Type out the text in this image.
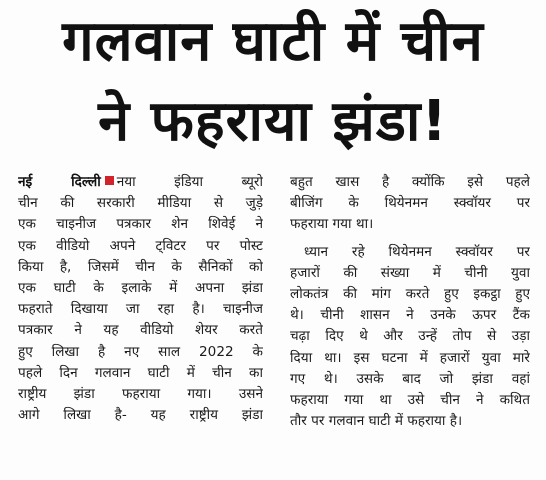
गलवान घाटी में चीन
ने फहराया झंडा!
नई दिल्ली नया इंडिया ब्यूरो
चीन की सरकारी मीडिया से जुड़े
एक चाइनीज पत्रकार शेन शिवेई ने
एक वीडियो अपने ट्विटर पर पोस्ट
किया है, जिसमें चीन के सैनिकों को
एक घाटी के इलाके में अपना झंडा
फहराते दिखाया जा रहा है। चाइनीज
पत्रकार ने यह वीडियो शेयर करते
हुए लिखा है नए साल 2022 के
पहले दिन गलवान घाटी में चीन का
राष्ट्रीय झंडा फहराया गया। उसने
आगे लिखा है- यह राष्ट्रीय झंडा
बहुत खास है क्योंकि इसे पहले
बीजिंग के थियेनमन स्क्वॉयर पर
फहराया गया था।
ध्यान रहे थियेनमन स्क्वॉयर पर
हजारों की संख्या में चीनी युवा
लोकतंत्र की मांग करते हुए इकट्ठा हुए
थे। चीनी शासन ने उनके ऊपर टैंक
चढ़ा दिए थे और उन्हें तोप से उड़ा
दिया था। इस घटना में हजारों युवा मारे
गए थे। उसके बाद जो झंडा वहां
फहराया गया था उसे चीन ने कथित
तौर पर गलवान घाटी में फहराया है।
